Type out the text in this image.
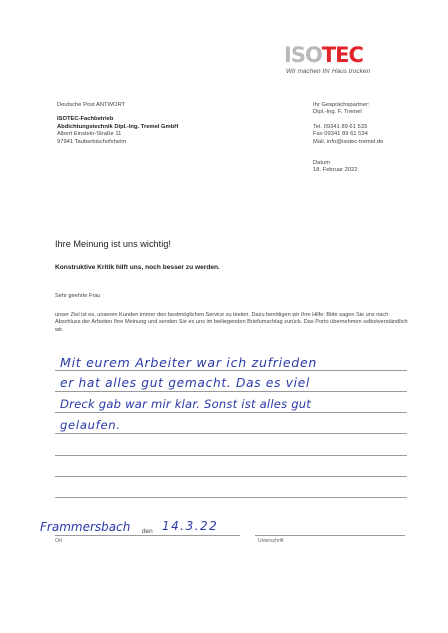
ISO TEC
Wir machen Ihr Haus trocken
Deutsche Post ANTWORT
ISOTEC-Fachbetrieb
Abdichtungstechnik Dipl.-Ing. Tremel GmbH
Albert Einstein-Straße 11
97941 Tauberbischofsheim
Ihr Gesprächspartner:
Dipl.-Ing. F. Tremel
Tel. 09341 89 61 533
Fax 09341 89 61 534
Mail. info@isotec-tremel.de
Datum
18. Februar 2022
Ihre Meinung ist uns wichtig!
Konstruktive Kritik hilft uns, noch besser zu werden.
Sehr geehrte Frau
unser Ziel ist es, unseren Kunden immer den bestmöglichen Service zu bieten. Dazu benötigen wir Ihre Hilfe: Bitte sagen Sie uns nach Abschluss der Arbeiten Ihre Meinung und senden Sie es uns im beiliegenden Briefumschlag zurück. Das Porto übernehmen selbstverständlich wir.
Mit eurem Arbeiter war ich zufrieden
er hat alles gut gemacht. Das es viel
Dreck gab war mir klar. Sonst ist alles gut
gelaufen.
Frammersbach den 14.3.22
Ort	Unterschrift
